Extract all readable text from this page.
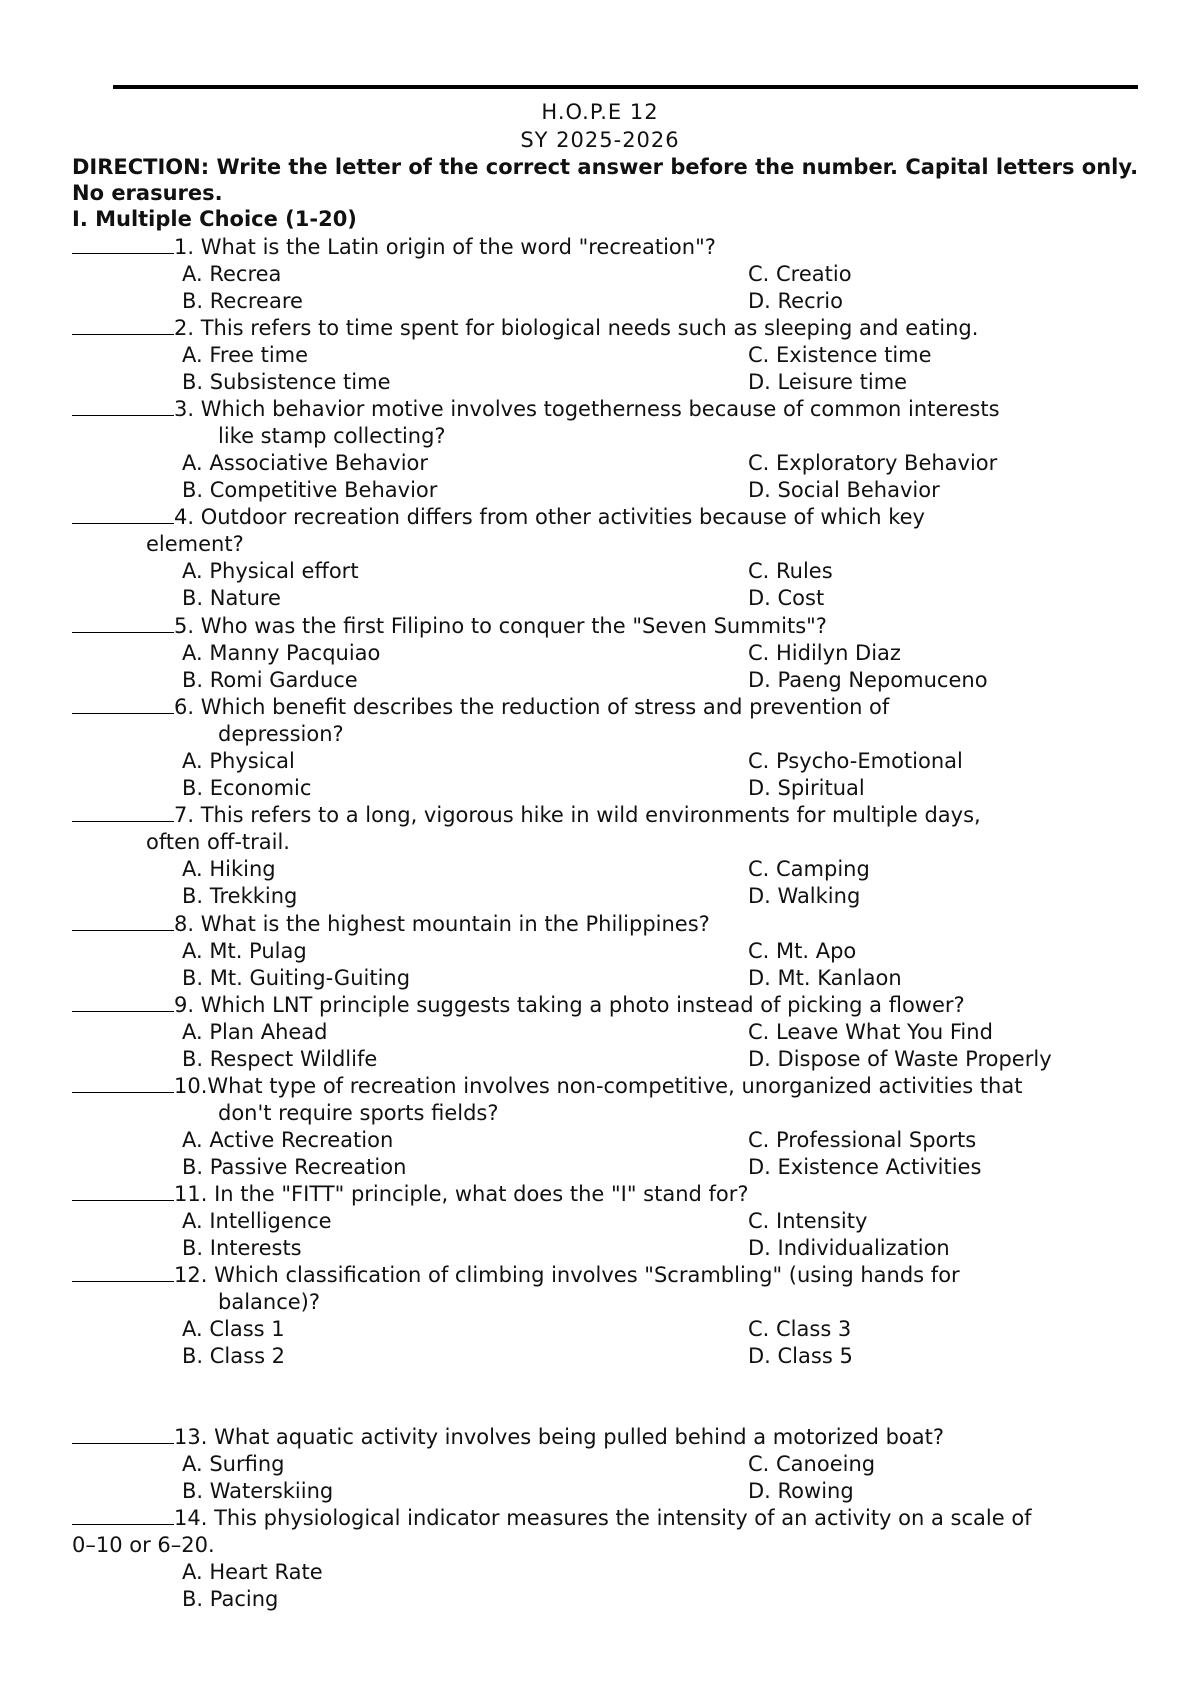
H.O.P.E 12
SY 2025-2026
DIRECTION: Write the letter of the correct answer before the number. Capital letters only. No erasures.
I. Multiple Choice (1-20)
1. What is the Latin origin of the word "recreation"?
A. Recrea	C. Creatio
B. Recreare	D. Recrio
2. This refers to time spent for biological needs such as sleeping and eating.
A. Free time	C. Existence time
B. Subsistence time	D. Leisure time
3. Which behavior motive involves togetherness because of common interests
like stamp collecting?
A. Associative Behavior	C. Exploratory Behavior
B. Competitive Behavior	D. Social Behavior
4. Outdoor recreation differs from other activities because of which key
element?
A. Physical effort	C. Rules
B. Nature	D. Cost
5. Who was the first Filipino to conquer the "Seven Summits"?
A. Manny Pacquiao	C. Hidilyn Diaz
B. Romi Garduce	D. Paeng Nepomuceno
6. Which benefit describes the reduction of stress and prevention of
depression?
A. Physical	C. Psycho-Emotional
B. Economic	D. Spiritual
7. This refers to a long, vigorous hike in wild environments for multiple days,
often off-trail.
A. Hiking	C. Camping
B. Trekking	D. Walking
8. What is the highest mountain in the Philippines?
A. Mt. Pulag	C. Mt. Apo
B. Mt. Guiting-Guiting	D. Mt. Kanlaon
9. Which LNT principle suggests taking a photo instead of picking a flower?
A. Plan Ahead	C. Leave What You Find
B. Respect Wildlife	D. Dispose of Waste Properly
10.What type of recreation involves non-competitive, unorganized activities that
don't require sports fields?
A. Active Recreation	C. Professional Sports
B. Passive Recreation	D. Existence Activities
11. In the "FITT" principle, what does the "I" stand for?
A. Intelligence	C. Intensity
B. Interests	D. Individualization
12. Which classification of climbing involves "Scrambling" (using hands for
balance)?
A. Class 1	C. Class 3
B. Class 2	D. Class 5
13. What aquatic activity involves being pulled behind a motorized boat?
A. Surfing	C. Canoeing
B. Waterskiing	D. Rowing
14. This physiological indicator measures the intensity of an activity on a scale of
0–10 or 6–20.
A. Heart Rate
B. Pacing
